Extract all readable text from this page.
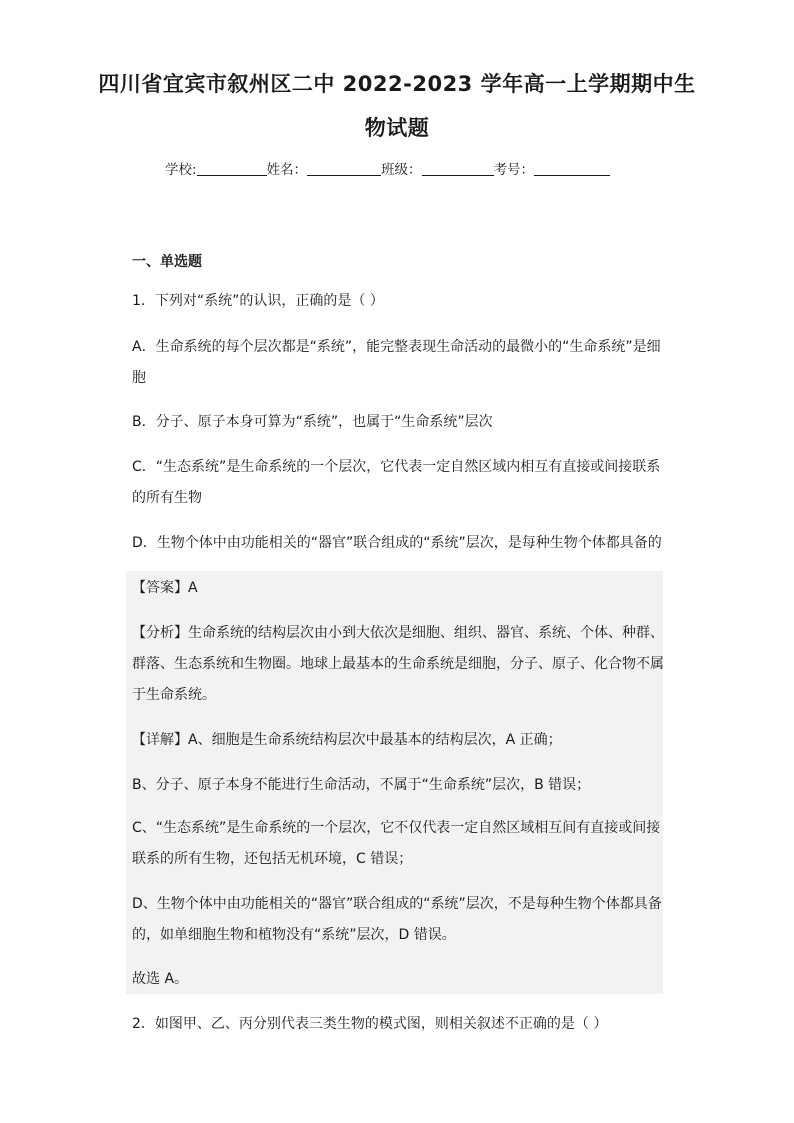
四川省宜宾市叙州区二中 2022-2023 学年高一上学期期中生
物试题
学校:	姓名：	班级：	考号：
一、单选题
1．下列对“系统”的认识，正确的是（ ）
A．生命系统的每个层次都是“系统”，能完整表现生命活动的最微小的“生命系统”是细
胞
B．分子、原子本身可算为“系统”，也属于“生命系统”层次
C．“生态系统”是生命系统的一个层次，它代表一定自然区域内相互有直接或间接联系
的所有生物
D．生物个体中由功能相关的“器官”联合组成的“系统”层次，是每种生物个体都具备的
【答案】A
【分析】生命系统的结构层次由小到大依次是细胞、组织、器官、系统、个体、种群、
群落、生态系统和生物圈。地球上最基本的生命系统是细胞，分子、原子、化合物不属
于生命系统。
【详解】A、细胞是生命系统结构层次中最基本的结构层次，A 正确；
B、分子、原子本身不能进行生命活动，不属于“生命系统”层次，B 错误；
C、“生态系统”是生命系统的一个层次，它不仅代表一定自然区域相互间有直接或间接
联系的所有生物，还包括无机环境，C 错误；
D、生物个体中由功能相关的“器官”联合组成的“系统”层次，不是每种生物个体都具备
的，如单细胞生物和植物没有“系统”层次，D 错误。
故选 A。
2．如图甲、乙、丙分别代表三类生物的模式图，则相关叙述不正确的是（ ）
